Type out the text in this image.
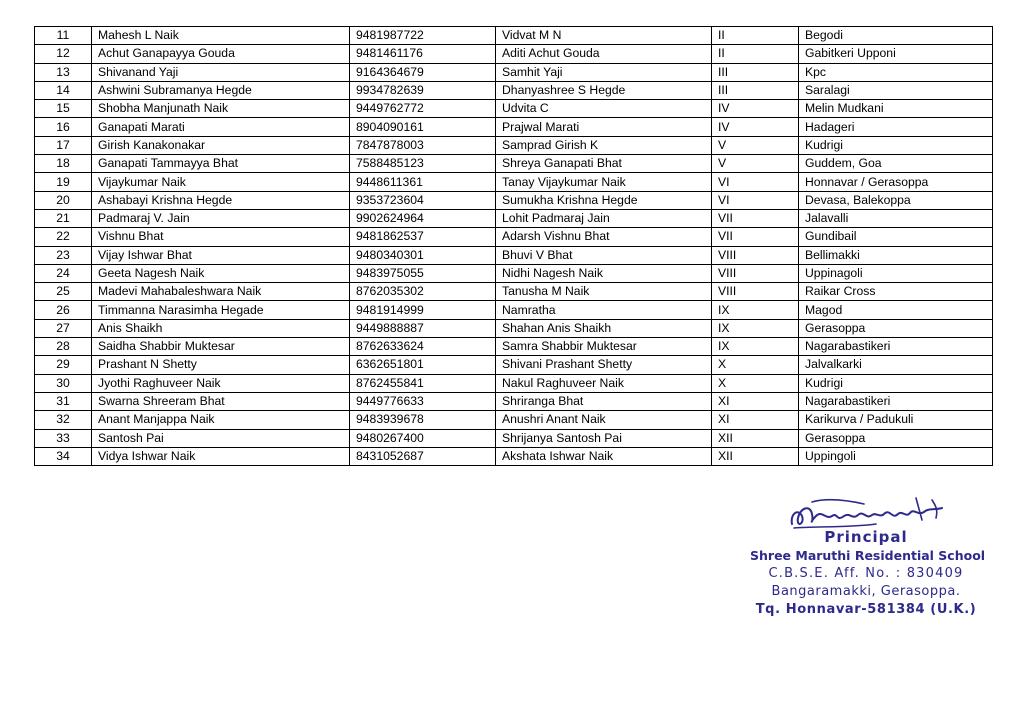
11	Mahesh L Naik	9481987722	Vidvat M N	II	Begodi
12	Achut Ganapayya Gouda	9481461176	Aditi Achut Gouda	II	Gabitkeri Upponi
13	Shivanand Yaji	9164364679	Samhit Yaji	III	Kpc
14	Ashwini Subramanya Hegde	9934782639	Dhanyashree S Hegde	III	Saralagi
15	Shobha Manjunath Naik	9449762772	Udvita C	IV	Melin Mudkani
16	Ganapati Marati	8904090161	Prajwal Marati	IV	Hadageri
17	Girish Kanakonakar	7847878003	Samprad Girish K	V	Kudrigi
18	Ganapati Tammayya Bhat	7588485123	Shreya Ganapati Bhat	V	Guddem, Goa
19	Vijaykumar Naik	9448611361	Tanay Vijaykumar Naik	VI	Honnavar / Gerasoppa
20	Ashabayi Krishna Hegde	9353723604	Sumukha Krishna Hegde	VI	Devasa, Balekoppa
21	Padmaraj V. Jain	9902624964	Lohit Padmaraj Jain	VII	Jalavalli
22	Vishnu Bhat	9481862537	Adarsh Vishnu Bhat	VII	Gundibail
23	Vijay Ishwar Bhat	9480340301	Bhuvi V Bhat	VIII	Bellimakki
24	Geeta Nagesh Naik	9483975055	Nidhi Nagesh Naik	VIII	Uppinagoli
25	Madevi Mahabaleshwara Naik	8762035302	Tanusha M Naik	VIII	Raikar Cross
26	Timmanna Narasimha Hegade	9481914999	Namratha	IX	Magod
27	Anis Shaikh	9449888887	Shahan Anis Shaikh	IX	Gerasoppa
28	Saidha Shabbir Muktesar	8762633624	Samra Shabbir Muktesar	IX	Nagarabastikeri
29	Prashant N Shetty	6362651801	Shivani Prashant Shetty	X	Jalvalkarki
30	Jyothi Raghuveer Naik	8762455841	Nakul Raghuveer Naik	X	Kudrigi
31	Swarna Shreeram Bhat	9449776633	Shriranga Bhat	XI	Nagarabastikeri
32	Anant Manjappa Naik	9483939678	Anushri Anant Naik	XI	Karikurva / Padukuli
33	Santosh Pai	9480267400	Shrijanya Santosh Pai	XII	Gerasoppa
34	Vidya Ishwar Naik	8431052687	Akshata Ishwar Naik	XII	Uppingoli
Principal
Shree Maruthi Residential School
C.B.S.E. Aff. No. : 830409
Bangaramakki, Gerasoppa.
Tq. Honnavar-581384 (U.K.)
